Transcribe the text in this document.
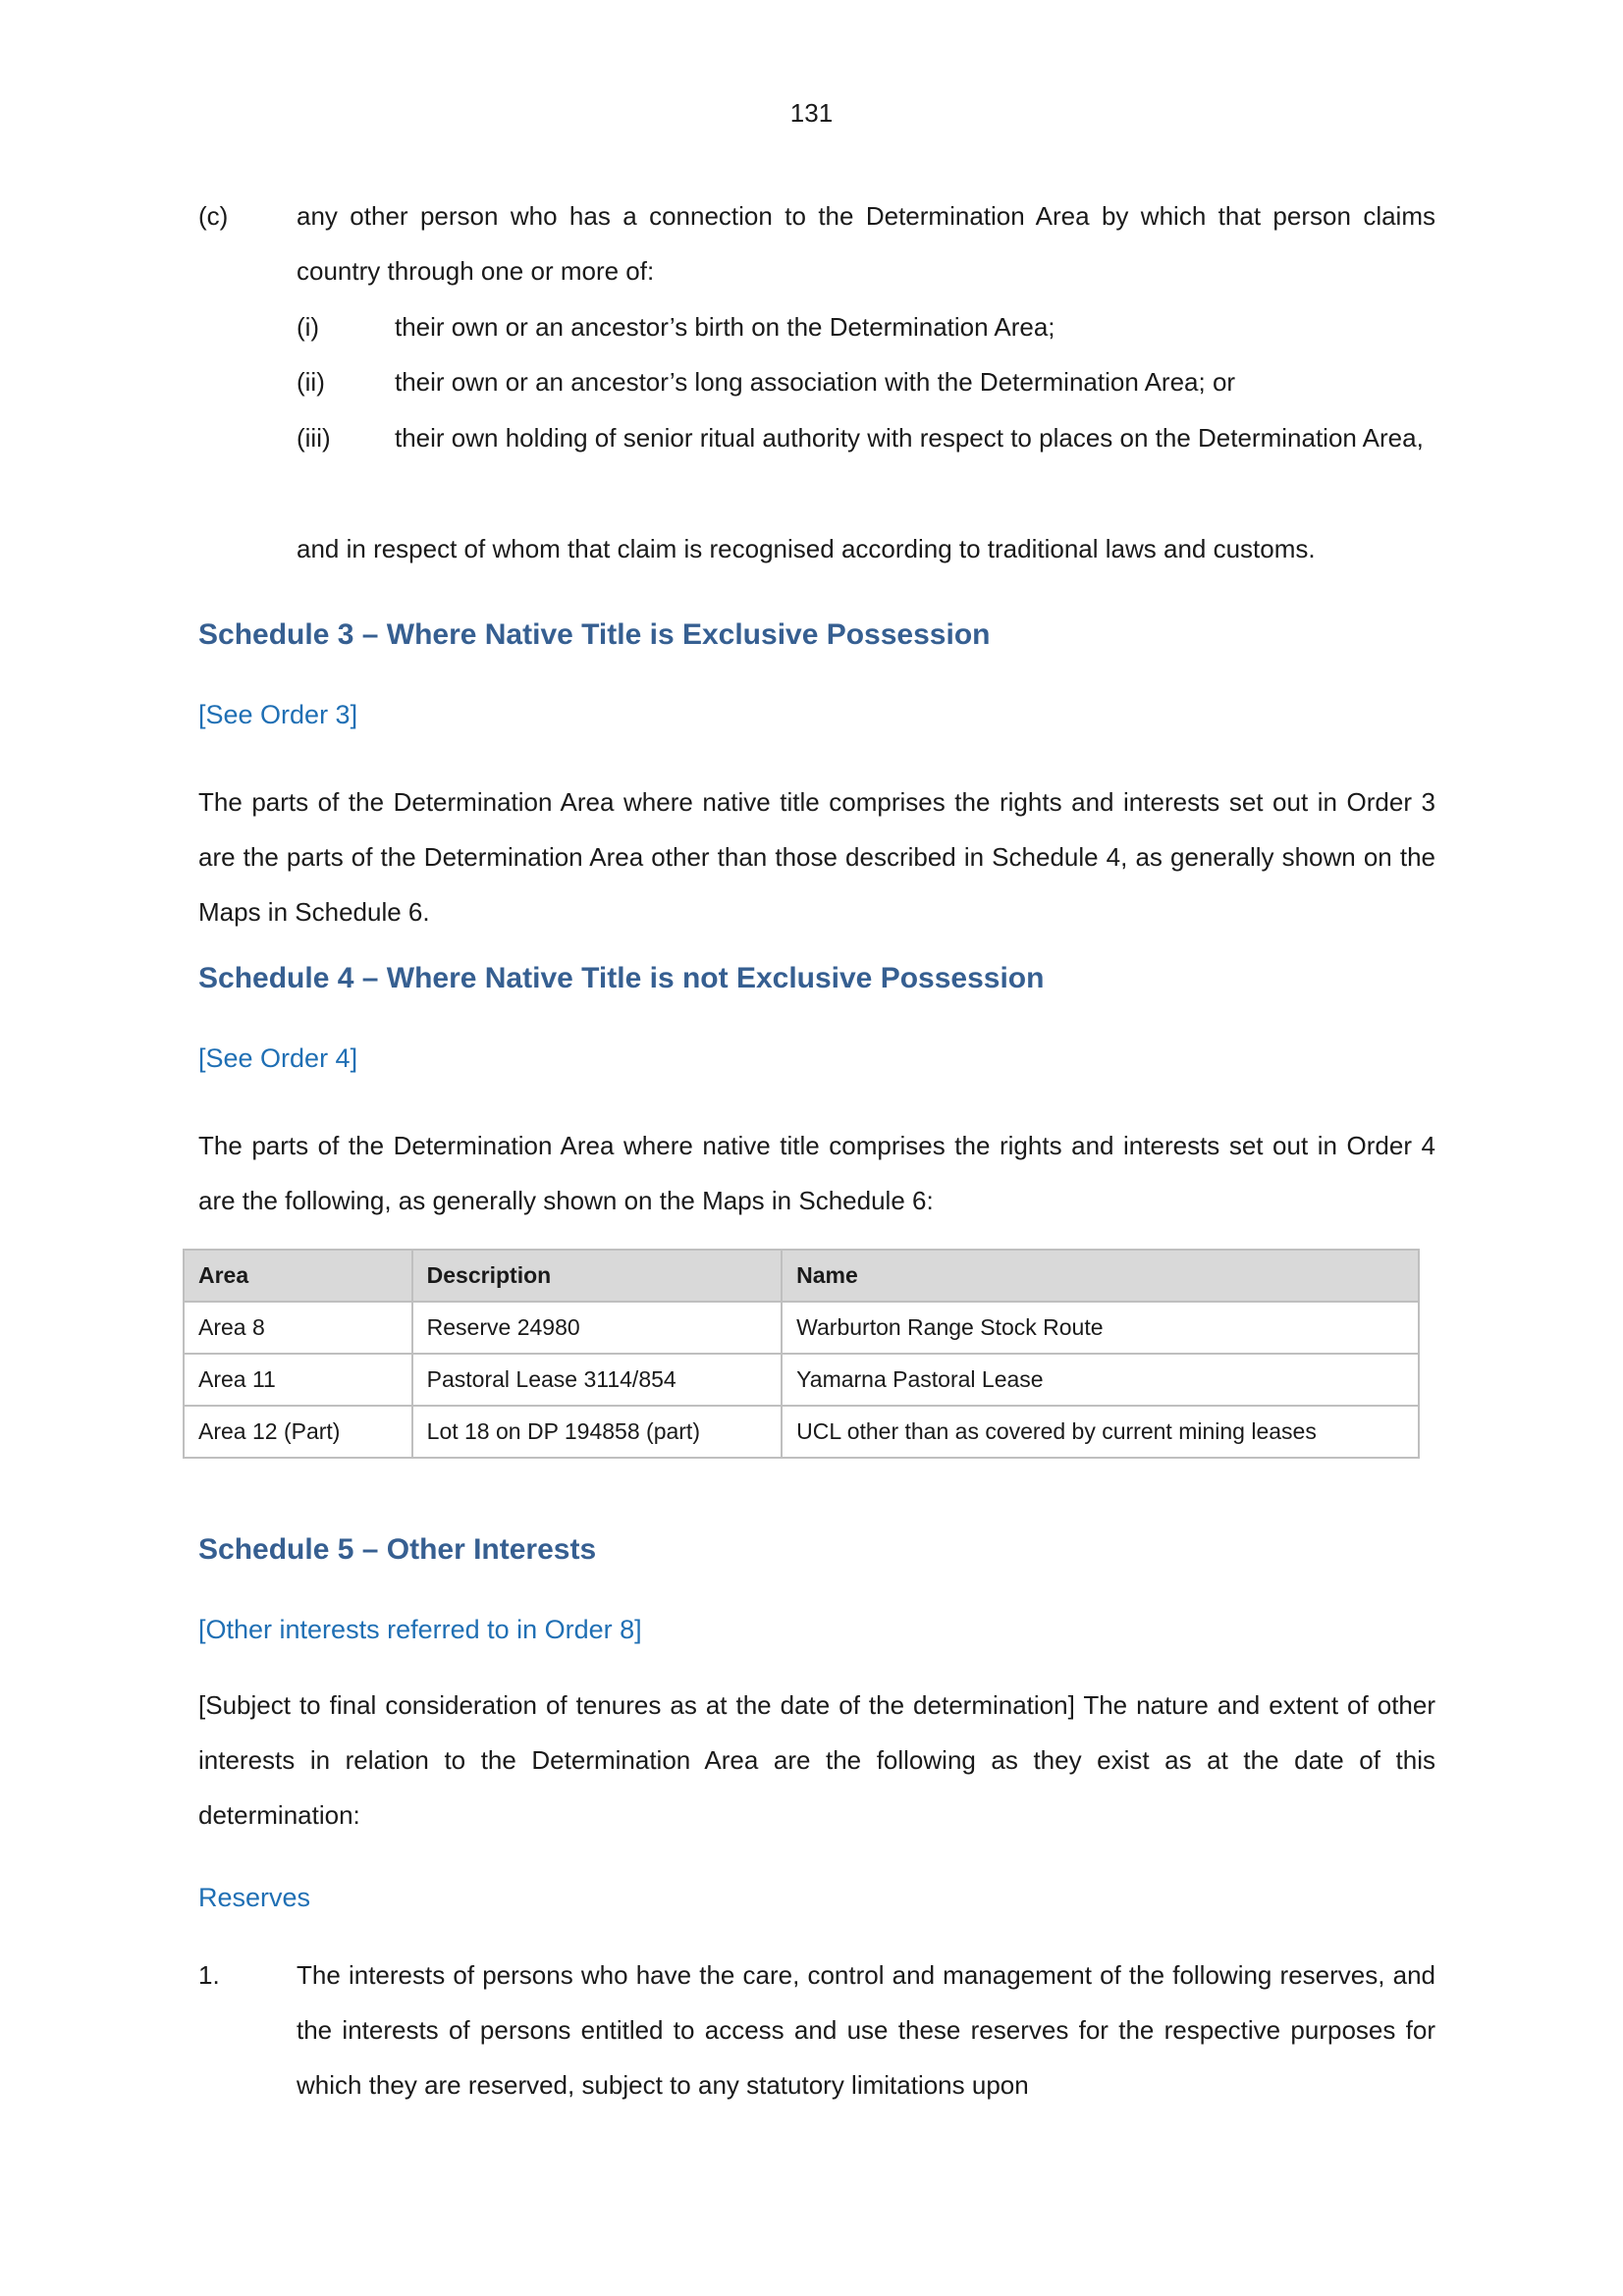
131
(c)	any other person who has a connection to the Determination Area by which that person claims country through one or more of:

(i)	their own or an ancestor’s birth on the Determination Area;

(ii)	their own or an ancestor’s long association with the Determination Area; or

(iii)	their own holding of senior ritual authority with respect to places on the Determination Area,

and in respect of whom that claim is recognised according to traditional laws and customs.

Schedule 3 – Where Native Title is Exclusive Possession

[See Order 3]

The parts of the Determination Area where native title comprises the rights and interests set out in Order 3 are the parts of the Determination Area other than those described in Schedule 4, as generally shown on the Maps in Schedule 6.

Schedule 4 – Where Native Title is not Exclusive Possession

[See Order 4]

The parts of the Determination Area where native title comprises the rights and interests set out in Order 4 are the following, as generally shown on the Maps in Schedule 6:

Area	Description	Name
Area 8	Reserve 24980	Warburton Range Stock Route
Area 11	Pastoral Lease 3114/854	Yamarna Pastoral Lease
Area 12 (Part)	Lot 18 on DP 194858 (part)	UCL other than as covered by current mining leases
Schedule 5 – Other Interests

[Other interests referred to in Order 8]

[Subject to final consideration of tenures as at the date of the determination] The nature and extent of other interests in relation to the Determination Area are the following as they exist as at the date of this determination:

Reserves

1.	The interests of persons who have the care, control and management of the following reserves, and the interests of persons entitled to access and use these reserves for the respective purposes for which they are reserved, subject to any statutory limitations upon
